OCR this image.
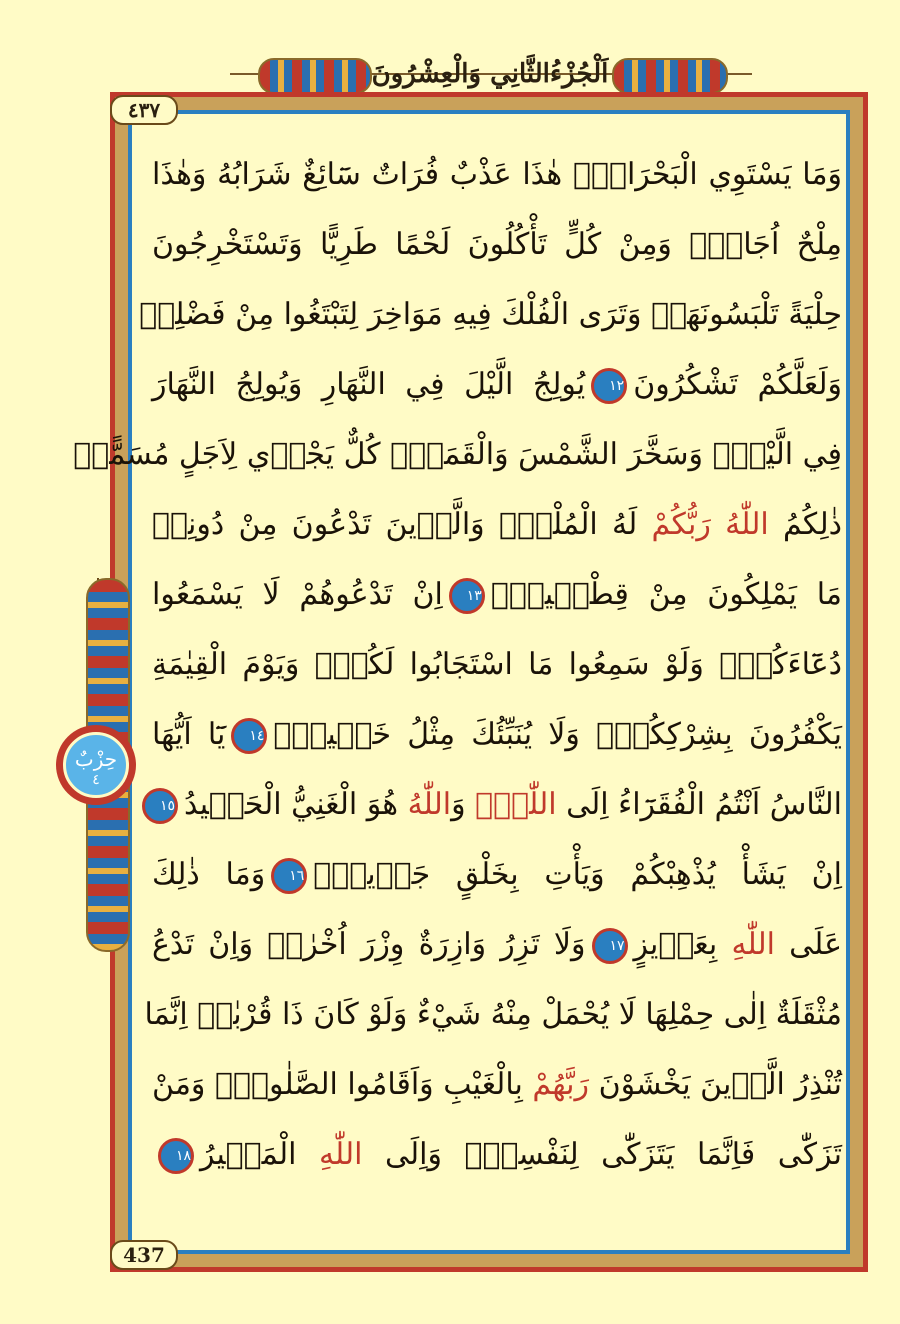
اَلْجُزْءُالثَّانِي وَالْعِشْرُونَ
٤٣٧
437
حِزْبٌ
٤
وَمَا يَسْتَوِي الْبَحْرَانِۗ هٰذَا عَذْبٌ فُرَاتٌ سَٓائِغٌ شَرَابُهُ وَهٰذَا
مِلْحٌ اُجَاجٌۜ وَمِنْ كُلٍّ تَأْكُلُونَ لَحْمًا طَرِيًّا وَتَسْتَخْرِجُونَ
حِلْيَةً تَلْبَسُونَهَاۚ وَتَرَى الْفُلْكَ فِيهِ مَوَاخِرَ لِتَبْتَغُوا مِنْ فَضْلِه۪
وَلَعَلَّكُمْ تَشْكُرُونَ١٢يُولِجُ الَّيْلَ فِي النَّهَارِ وَيُولِجُ النَّهَارَ
فِي الَّيْلِۙ وَسَخَّرَ الشَّمْسَ وَالْقَمَرَۘ كُلٌّ يَجْر۪ي لِاَجَلٍ مُسَمًّىۜ
ذٰلِكُمُ اللّٰهُ رَبُّكُمْ لَهُ الْمُلْكُۜ وَالَّذ۪ينَ تَدْعُونَ مِنْ دُونِه۪
مَا يَمْلِكُونَ مِنْ قِطْم۪يرٍۜ١٣اِنْ تَدْعُوهُمْ لَا يَسْمَعُوا
دُعَٓاءَكُمْۚ وَلَوْ سَمِعُوا مَا اسْتَجَابُوا لَكُمْۜ وَيَوْمَ الْقِيٰمَةِ
يَكْفُرُونَ بِشِرْكِكُمْۜ وَلَا يُنَبِّئُكَ مِثْلُ خَب۪يرٍ۟١٤يَٓا اَيُّهَا
النَّاسُ اَنْتُمُ الْفُقَرَٓاءُ اِلَى اللّٰهِۚ وَاللّٰهُ هُوَ الْغَنِيُّ الْحَم۪يدُ١٥
اِنْ يَشَأْ يُذْهِبْكُمْ وَيَأْتِ بِخَلْقٍ جَد۪يدٍۚ١٦وَمَا ذٰلِكَ
عَلَى اللّٰهِ بِعَز۪يزٍ١٧وَلَا تَزِرُ وَازِرَةٌ وِزْرَ اُخْرٰىۜ وَاِنْ تَدْعُ
مُثْقَلَةٌ اِلٰى حِمْلِهَا لَا يُحْمَلْ مِنْهُ شَيْءٌ وَلَوْ كَانَ ذَا قُرْبٰىۜ اِنَّمَا
تُنْذِرُ الَّذ۪ينَ يَخْشَوْنَ رَبَّهُمْ بِالْغَيْبِ وَاَقَامُوا الصَّلٰوةَۜ وَمَنْ
تَزَكّٰى فَاِنَّمَا يَتَزَكّٰى لِنَفْسِه۪ۜ وَاِلَى اللّٰهِ الْمَص۪يرُ١٨
